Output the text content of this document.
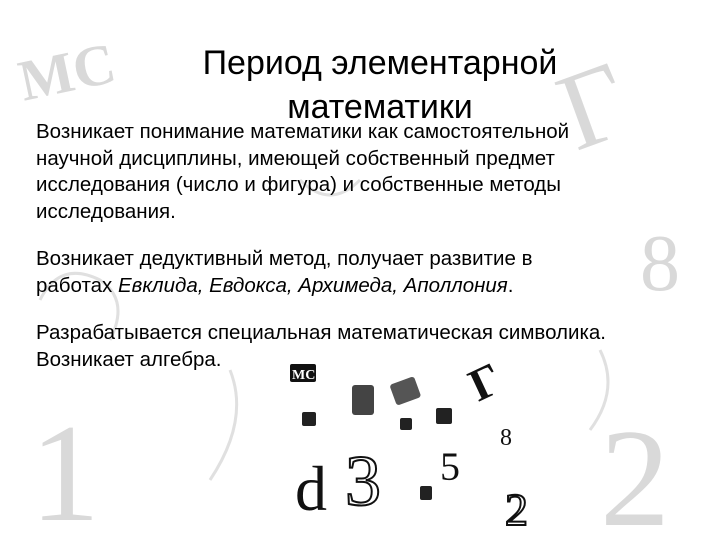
MC	Γ
8
1	2
MC	Γ
8
3 5
d	2
Период элементарной
математики

Возникает понимание математики как самостоятельной
научной дисциплины, имеющей собственный предмет
исследования (число и фигура) и собственные методы
исследования.

Возникает дедуктивный метод, получает развитие в
работах Евклида, Евдокса, Архимеда, Аполлония.

Разрабатывается специальная математическая символика.
Возникает алгебра.
